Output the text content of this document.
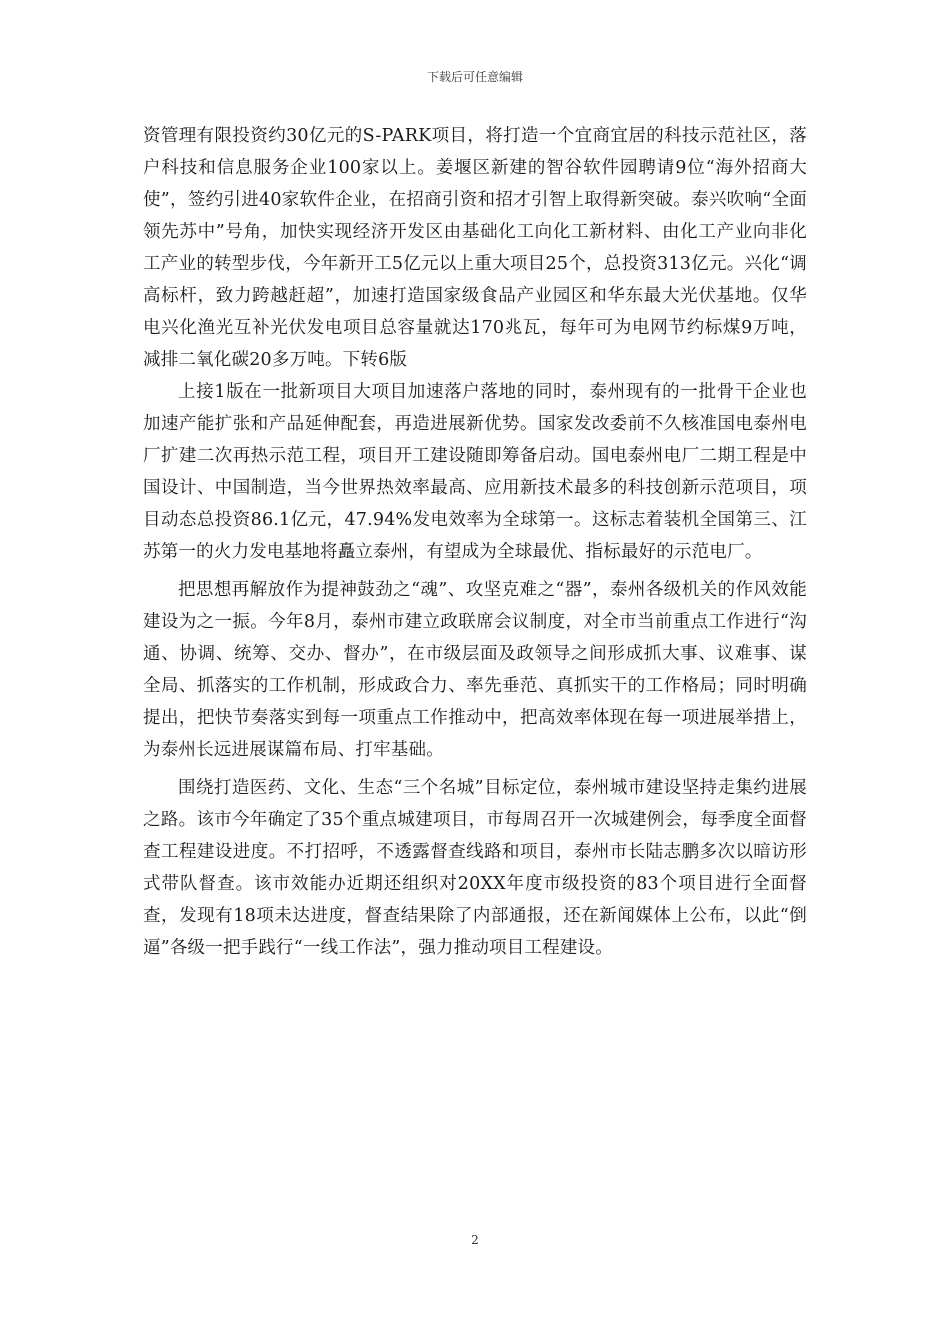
下载后可任意编辑

资管理有限投资约30亿元的S-PARK项目，将打造一个宜商宜居的科技示范社区，落户科技和信息服务企业100家以上。姜堰区新建的智谷软件园聘请9位“海外招商大使”，签约引进40家软件企业，在招商引资和招才引智上取得新突破。泰兴吹响“全面领先苏中”号角，加快实现经济开发区由基础化工向化工新材料、由化工产业向非化工产业的转型步伐，今年新开工5亿元以上重大项目25个，总投资313亿元。兴化“调高标杆，致力跨越赶超”，加速打造国家级食品产业园区和华东最大光伏基地。仅华电兴化渔光互补光伏发电项目总容量就达170兆瓦，每年可为电网节约标煤9万吨，减排二氧化碳20多万吨。下转6版

上接1版在一批新项目大项目加速落户落地的同时，泰州现有的一批骨干企业也加速产能扩张和产品延伸配套，再造进展新优势。国家发改委前不久核准国电泰州电厂扩建二次再热示范工程，项目开工建设随即筹备启动。国电泰州电厂二期工程是中国设计、中国制造，当今世界热效率最高、应用新技术最多的科技创新示范项目，项目动态总投资86.1亿元，47.94%发电效率为全球第一。这标志着装机全国第三、江苏第一的火力发电基地将矗立泰州，有望成为全球最优、指标最好的示范电厂。

把思想再解放作为提神鼓劲之“魂”、攻坚克难之“器”，泰州各级机关的作风效能建设为之一振。今年8月，泰州市建立政联席会议制度，对全市当前重点工作进行“沟通、协调、统筹、交办、督办”，在市级层面及政领导之间形成抓大事、议难事、谋全局、抓落实的工作机制，形成政合力、率先垂范、真抓实干的工作格局；同时明确提出，把快节奏落实到每一项重点工作推动中，把高效率体现在每一项进展举措上，为泰州长远进展谋篇布局、打牢基础。

围绕打造医药、文化、生态“三个名城”目标定位，泰州城市建设坚持走集约进展之路。该市今年确定了35个重点城建项目，市每周召开一次城建例会，每季度全面督查工程建设进度。不打招呼，不透露督查线路和项目，泰州市长陆志鹏多次以暗访形式带队督查。该市效能办近期还组织对20XX年度市级投资的83个项目进行全面督查，发现有18项未达进度，督查结果除了内部通报，还在新闻媒体上公布，以此“倒逼”各级一把手践行“一线工作法”，强力推动项目工程建设。

2
